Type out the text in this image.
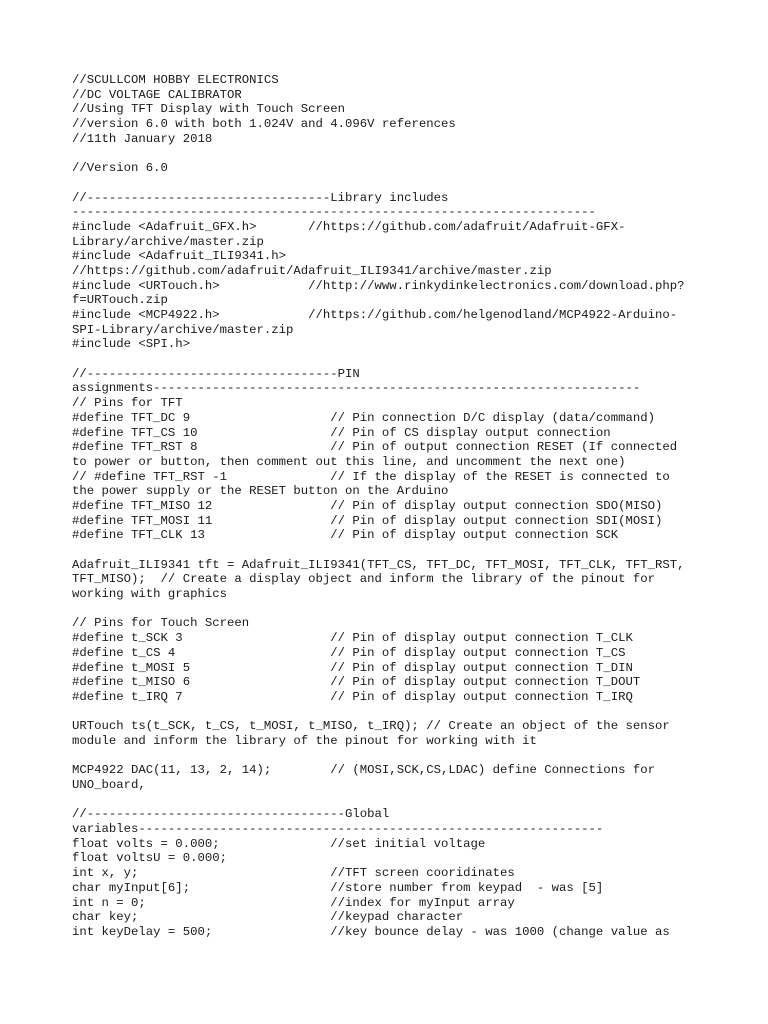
//SCULLCOM HOBBY ELECTRONICS
//DC VOLTAGE CALIBRATOR
//Using TFT Display with Touch Screen
//version 6.0 with both 1.024V and 4.096V references
//11th January 2018
//Version 6.0
//---------------------------------Library includes
-----------------------------------------------------------------------
#include <Adafruit_GFX.h>       //https://github.com/adafruit/Adafruit-GFX-
Library/archive/master.zip
#include <Adafruit_ILI9341.h>
//https://github.com/adafruit/Adafruit_ILI9341/archive/master.zip
#include <URTouch.h>            //http://www.rinkydinkelectronics.com/download.php?
f=URTouch.zip
#include <MCP4922.h>            //https://github.com/helgenodland/MCP4922-Arduino-
SPI-Library/archive/master.zip
#include <SPI.h>
//----------------------------------PIN
assignments------------------------------------------------------------------
// Pins for TFT
#define TFT_DC 9                   // Pin connection D/C display (data/command)
#define TFT_CS 10                  // Pin of CS display output connection
#define TFT_RST 8                  // Pin of output connection RESET (If connected
to power or button, then comment out this line, and uncomment the next one)
// #define TFT_RST -1              // If the display of the RESET is connected to
the power supply or the RESET button on the Arduino
#define TFT_MISO 12                // Pin of display output connection SDO(MISO)
#define TFT_MOSI 11                // Pin of display output connection SDI(MOSI)
#define TFT_CLK 13                 // Pin of display output connection SCK
Adafruit_ILI9341 tft = Adafruit_ILI9341(TFT_CS, TFT_DC, TFT_MOSI, TFT_CLK, TFT_RST,
TFT_MISO);  // Create a display object and inform the library of the pinout for
working with graphics
// Pins for Touch Screen
#define t_SCK 3                    // Pin of display output connection T_CLK
#define t_CS 4                     // Pin of display output connection T_CS
#define t_MOSI 5                   // Pin of display output connection T_DIN
#define t_MISO 6                   // Pin of display output connection T_DOUT
#define t_IRQ 7                    // Pin of display output connection T_IRQ
URTouch ts(t_SCK, t_CS, t_MOSI, t_MISO, t_IRQ); // Create an object of the sensor
module and inform the library of the pinout for working with it
MCP4922 DAC(11, 13, 2, 14);        // (MOSI,SCK,CS,LDAC) define Connections for
UNO_board,
//-----------------------------------Global
variables---------------------------------------------------------------
float volts = 0.000;               //set initial voltage
float voltsU = 0.000;
int x, y;                          //TFT screen cooridinates
char myInput[6];                   //store number from keypad  - was [5]
int n = 0;                         //index for myInput array
char key;                          //keypad character
int keyDelay = 500;                //key bounce delay - was 1000 (change value as
